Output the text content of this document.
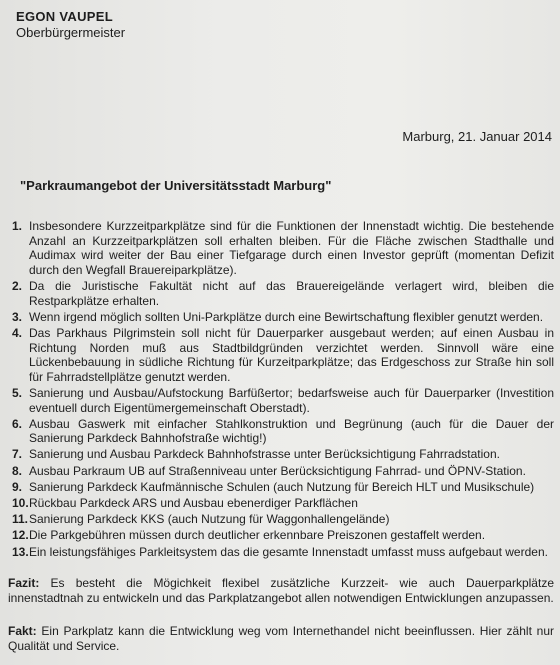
EGON VAUPEL
Oberbürgermeister
Marburg, 21. Januar 2014
"Parkraumangebot der Universitätsstadt Marburg"
1. Insbesondere Kurzzeitparkplätze sind für die Funktionen der Innenstadt wichtig. Die bestehende Anzahl an Kurzzeitparkplätzen soll erhalten bleiben. Für die Fläche zwischen Stadthalle und Audimax wird weiter der Bau einer Tiefgarage durch einen Investor geprüft (momentan Defizit durch den Wegfall Brauereiparkplätze).
2. Da die Juristische Fakultät nicht auf das Brauereigelände verlagert wird, bleiben die Restparkplätze erhalten.
3. Wenn irgend möglich sollten Uni-Parkplätze durch eine Bewirtschaftung flexibler genutzt werden.
4. Das Parkhaus Pilgrimstein soll nicht für Dauerparker ausgebaut werden; auf einen Ausbau in Richtung Norden muß aus Stadtbildgründen verzichtet werden. Sinnvoll wäre eine Lückenbebauung in südliche Richtung für Kurzeitparkplätze; das Erdgeschoss zur Straße hin soll für Fahrradstellplätze genutzt werden.
5. Sanierung und Ausbau/Aufstockung Barfüßertor; bedarfsweise auch für Dauerparker (Investition eventuell durch Eigentümergemeinschaft Oberstadt).
6. Ausbau Gaswerk mit einfacher Stahlkonstruktion und Begrünung (auch für die Dauer der Sanierung Parkdeck Bahnhofstraße wichtig!)
7. Sanierung und Ausbau Parkdeck Bahnhofstrasse unter Berücksichtigung Fahrradstation.
8. Ausbau Parkraum UB auf Straßenniveau unter Berücksichtigung Fahrrad- und ÖPNV-Station.
9. Sanierung Parkdeck Kaufmännische Schulen (auch Nutzung für Bereich HLT und Musikschule)
10. Rückbau Parkdeck ARS und Ausbau ebenerdiger Parkflächen
11. Sanierung Parkdeck KKS (auch Nutzung für Waggonhallengelände)
12. Die Parkgebühren müssen durch deutlicher erkennbare Preiszonen gestaffelt werden.
13. Ein leistungsfähiges Parkleitsystem das die gesamte Innenstadt umfasst muss aufgebaut werden.
Fazit: Es besteht die Mögichkeit flexibel zusätzliche Kurzzeit- wie auch Dauerparkplätze innenstadtnah zu entwickeln und das Parkplatzangebot allen notwendigen Entwicklungen anzupassen.
Fakt: Ein Parkplatz kann die Entwicklung weg vom Internethandel nicht beeinflussen. Hier zählt nur Qualität und Service.
